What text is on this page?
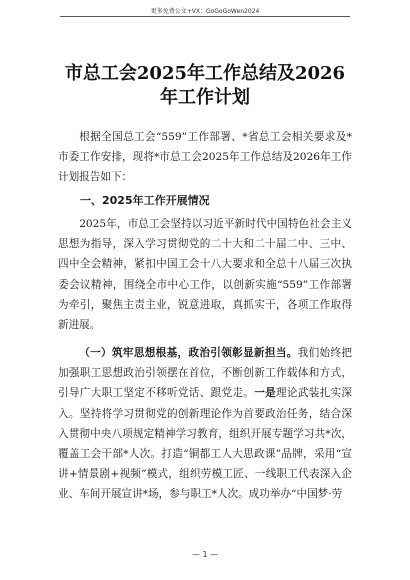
更多免费公文+VX：GoGoGoWen2024
市总工会2025年工作总结及2026年工作计划

根据全国总工会“559”工作部署、*省总工会相关要求及*市委工作安排，现将*市总工会2025年工作总结及2026年工作计划报告如下：

一、2025年工作开展情况

2025年，市总工会坚持以习近平新时代中国特色社会主义思想为指导，深入学习贯彻党的二十大和二十届二中、三中、四中全会精神，紧扣中国工会十八大要求和全总十八届三次执委会议精神，围绕全市中心工作，以创新实施“559”工作部署为牵引，聚焦主责主业，锐意进取，真抓实干，各项工作取得新进展。

（一）筑牢思想根基，政治引领彰显新担当。我们始终把加强职工思想政治引领摆在首位，不断创新工作载体和方式，引导广大职工坚定不移听党话、跟党走。一是理论武装扎实深入。坚持将学习贯彻党的创新理论作为首要政治任务，结合深入贯彻中央八项规定精神学习教育，组织开展专题学习共*次，覆盖工会干部*人次。打造“铜都工人大思政课”品牌，采用“宣讲+情景剧+视频”模式，组织劳模工匠、一线职工代表深入企业、车间开展宣讲*场，参与职工*人次。成功举办“中国梦·劳

— 1 —
